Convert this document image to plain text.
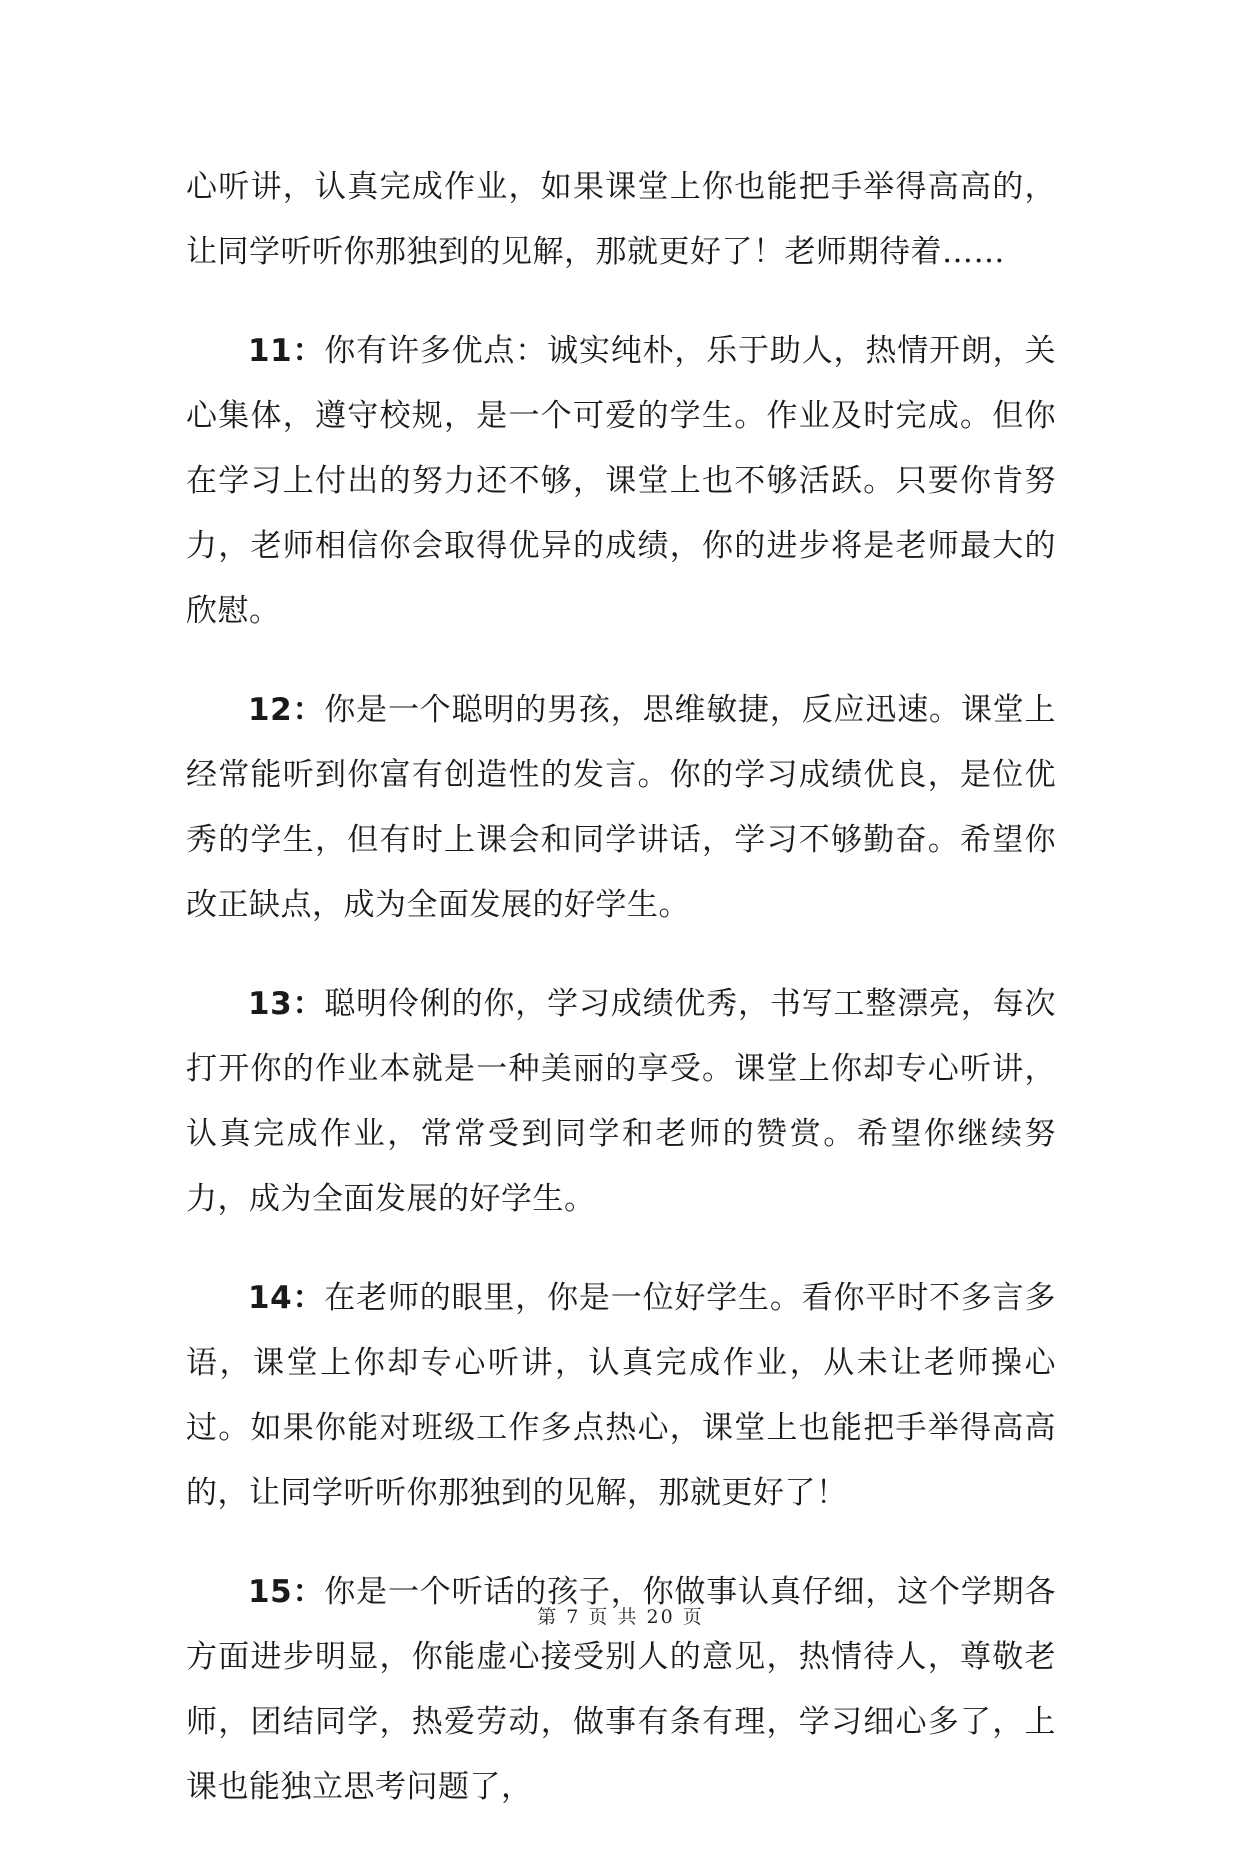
心听讲，认真完成作业，如果课堂上你也能把手举得高高的，让同学听听你那独到的见解，那就更好了！老师期待着……

11：你有许多优点：诚实纯朴，乐于助人，热情开朗，关心集体，遵守校规，是一个可爱的学生。作业及时完成。但你在学习上付出的努力还不够，课堂上也不够活跃。只要你肯努力，老师相信你会取得优异的成绩，你的进步将是老师最大的欣慰。

12：你是一个聪明的男孩，思维敏捷，反应迅速。课堂上经常能听到你富有创造性的发言。你的学习成绩优良，是位优秀的学生，但有时上课会和同学讲话，学习不够勤奋。希望你改正缺点，成为全面发展的好学生。

13：聪明伶俐的你，学习成绩优秀，书写工整漂亮，每次打开你的作业本就是一种美丽的享受。课堂上你却专心听讲，认真完成作业，常常受到同学和老师的赞赏。希望你继续努力，成为全面发展的好学生。

14：在老师的眼里，你是一位好学生。看你平时不多言多语，课堂上你却专心听讲，认真完成作业，从未让老师操心过。如果你能对班级工作多点热心，课堂上也能把手举得高高的，让同学听听你那独到的见解，那就更好了！

15：你是一个听话的孩子，你做事认真仔细，这个学期各方面进步明显，你能虚心接受别人的意见，热情待人，尊敬老师，团结同学，热爱劳动，做事有条有理，学习细心多了，上课也能独立思考问题了，

第 7 页 共 20 页
